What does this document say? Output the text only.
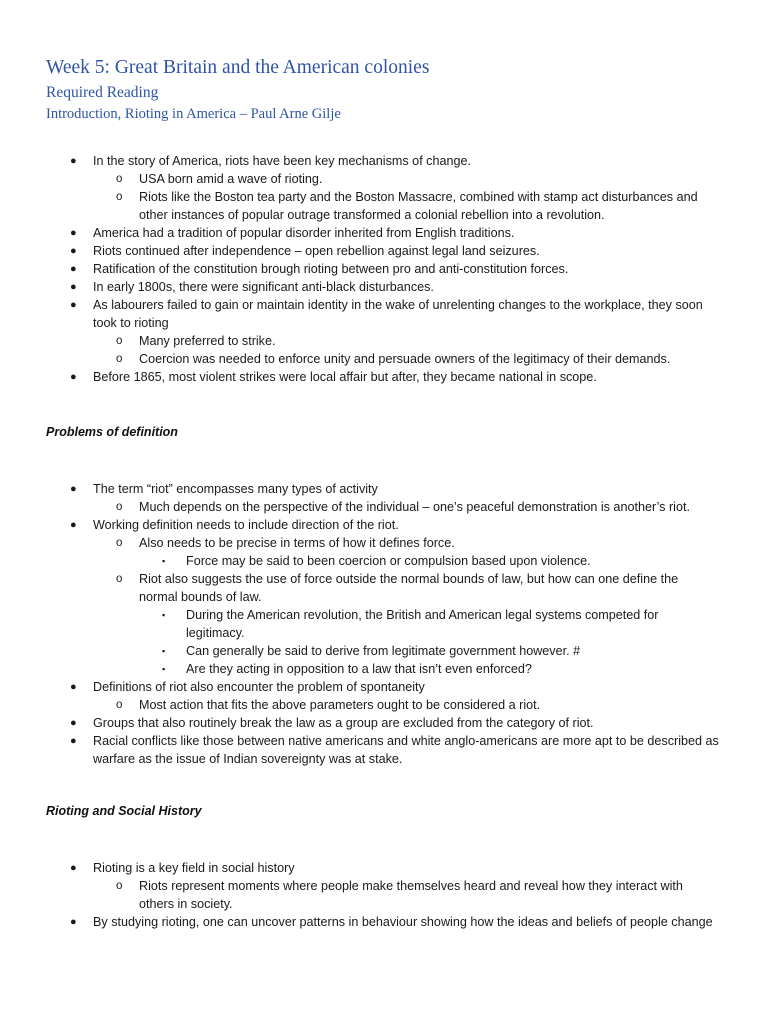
Week 5: Great Britain and the American colonies
Required Reading
Introduction, Rioting in America – Paul Arne Gilje
● In the story of America, riots have been key mechanisms of change.
o USA born amid a wave of rioting.
o Riots like the Boston tea party and the Boston Massacre, combined with stamp act disturbances and other instances of popular outrage transformed a colonial rebellion into a revolution.
● America had a tradition of popular disorder inherited from English traditions.
● Riots continued after independence – open rebellion against legal land seizures.
● Ratification of the constitution brough rioting between pro and anti-constitution forces.
● In early 1800s, there were significant anti-black disturbances.
● As labourers failed to gain or maintain identity in the wake of unrelenting changes to the workplace, they soon took to rioting
o Many preferred to strike.
o Coercion was needed to enforce unity and persuade owners of the legitimacy of their demands.
● Before 1865, most violent strikes were local affair but after, they became national in scope.
Problems of definition
● The term “riot” encompasses many types of activity
o Much depends on the perspective of the individual – one’s peaceful demonstration is another’s riot.
● Working definition needs to include direction of the riot.
o Also needs to be precise in terms of how it defines force.
▪ Force may be said to been coercion or compulsion based upon violence.
o Riot also suggests the use of force outside the normal bounds of law, but how can one define the normal bounds of law.
▪ During the American revolution, the British and American legal systems competed for legitimacy.
▪ Can generally be said to derive from legitimate government however. #
▪ Are they acting in opposition to a law that isn’t even enforced?
● Definitions of riot also encounter the problem of spontaneity
o Most action that fits the above parameters ought to be considered a riot.
● Groups that also routinely break the law as a group are excluded from the category of riot.
● Racial conflicts like those between native americans and white anglo-americans are more apt to be described as warfare as the issue of Indian sovereignty was at stake.
Rioting and Social History
● Rioting is a key field in social history
o Riots represent moments where people make themselves heard and reveal how they interact with others in society.
● By studying rioting, one can uncover patterns in behaviour showing how the ideas and beliefs of people change
